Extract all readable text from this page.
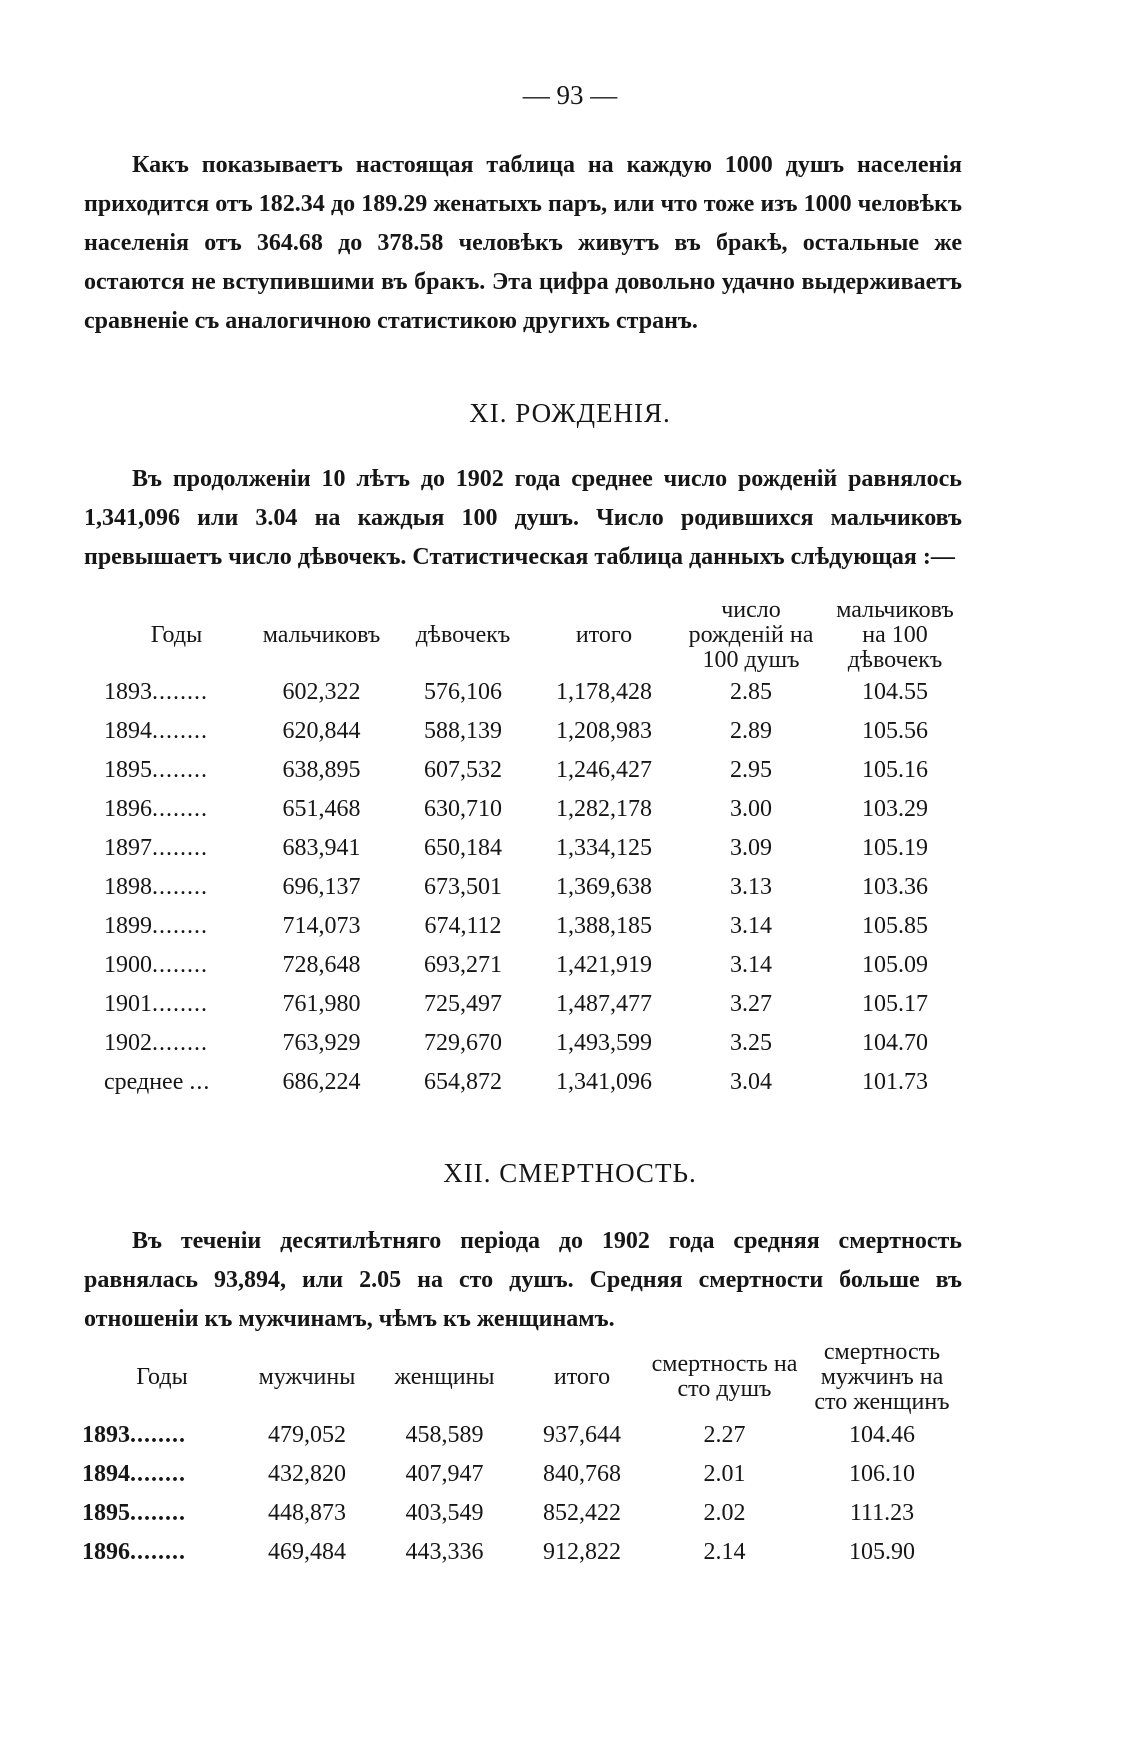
— 93 —

Какъ показываетъ настоящая таблица на каждую 1000 душъ населенія приходится отъ 182.34 до 189.29 женатыхъ паръ, или что тоже изъ 1000 человѣкъ населенія отъ 364.68 до 378.58 человѣкъ живутъ въ бракѣ, остальные же остаются не вступившими въ бракъ. Эта цифра довольно удачно выдерживаетъ сравненіе съ аналогичною статистикою другихъ странъ.

XI. РОЖДЕНІЯ.

Въ продолженіи 10 лѣтъ до 1902 года среднее число рожденій равнялось 1,341,096 или 3.04 на каждыя 100 душъ. Число родившихся мальчиковъ превышаетъ число дѣвочекъ. Статистическая таблица данныхъ слѣдующая :—

Годы	мальчиковъ	дѣвочекъ	итого	число рожденій на 100 душъ	мальчиковъ на 100 дѣвочекъ
1893........	602,322	576,106	1,178,428	2.85	104.55
1894........	620,844	588,139	1,208,983	2.89	105.56
1895........	638,895	607,532	1,246,427	2.95	105.16
1896........	651,468	630,710	1,282,178	3.00	103.29
1897........	683,941	650,184	1,334,125	3.09	105.19
1898........	696,137	673,501	1,369,638	3.13	103.36
1899........	714,073	674,112	1,388,185	3.14	105.85
1900........	728,648	693,271	1,421,919	3.14	105.09
1901........	761,980	725,497	1,487,477	3.27	105.17
1902........	763,929	729,670	1,493,599	3.25	104.70
среднее ...	686,224	654,872	1,341,096	3.04	101.73
XII. СМЕРТНОСТЬ.

Въ теченіи десятилѣтняго періода до 1902 года средняя смертность равнялась 93,894, или 2.05 на сто душъ. Средняя смертности больше въ отношеніи къ мужчинамъ, чѣмъ къ женщинамъ.

Годы	мужчины	женщины	итого	смертность на сто душъ	смертность мужчинъ на сто женщинъ
1893........	479,052	458,589	937,644	2.27	104.46
1894........	432,820	407,947	840,768	2.01	106.10
1895........	448,873	403,549	852,422	2.02	111.23
1896........	469,484	443,336	912,822	2.14	105.90
